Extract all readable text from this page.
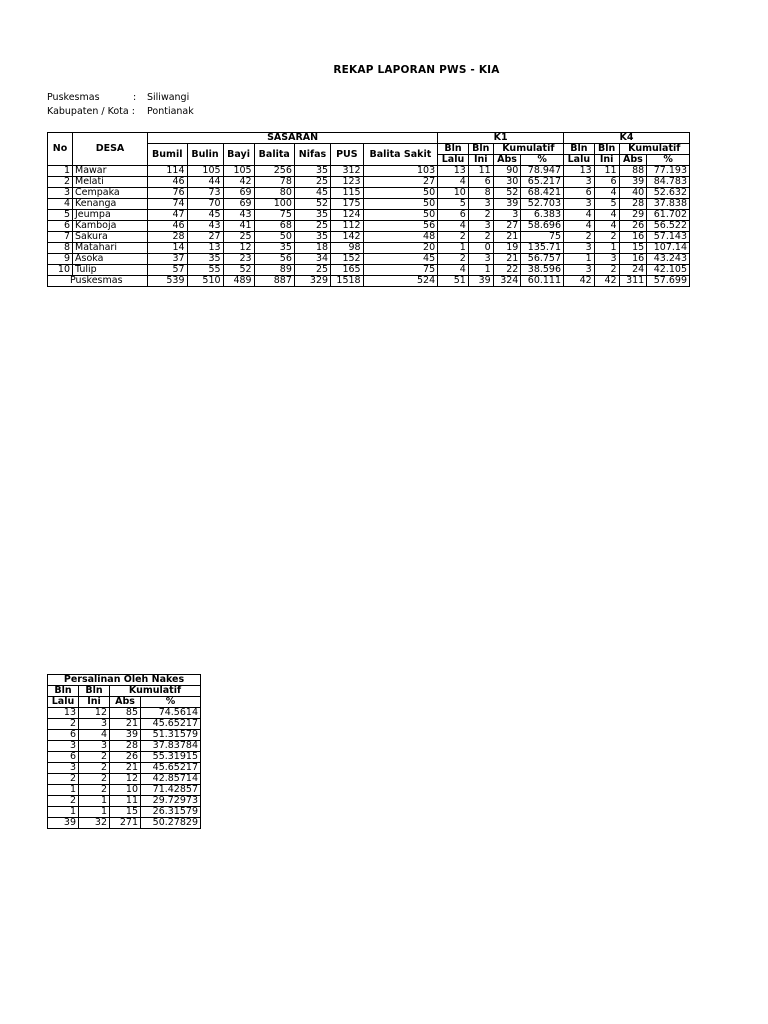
REKAP LAPORAN PWS - KIA
Puskesmas	: Siliwangi
Kabupaten / Kota : Pontianak
No	DESA	SASARAN							K1				K4			
		Bumil	Bulin	Bayi	Balita	Nifas	PUS	Balita Sakit	Bln	Bln	Kumulatif		Bln	Bln	Kumulatif	
									Lalu	Ini	Abs	%	Lalu	Ini	Abs	%
1	Mawar	114	105	105	256	35	312	103	13	11	90	78.947	13	11	88	77.193
2	Melati	46	44	42	78	25	123	27	4	6	30	65.217	3	6	39	84.783
3	Cempaka	76	73	69	80	45	115	50	10	8	52	68.421	6	4	40	52.632
4	Kenanga	74	70	69	100	52	175	50	5	3	39	52.703	3	5	28	37.838
5	Jeumpa	47	45	43	75	35	124	50	6	2	3	6.383	4	4	29	61.702
6	Kamboja	46	43	41	68	25	112	56	4	3	27	58.696	4	4	26	56.522
7	Sakura	28	27	25	50	35	142	48	2	2	21	75	2	2	16	57.143
8	Matahari	14	13	12	35	18	98	20	1	0	19	135.71	3	1	15	107.14
9	Asoka	37	35	23	56	34	152	45	2	3	21	56.757	1	3	16	43.243
10	Tulip	57	55	52	89	25	165	75	4	1	22	38.596	3	2	24	42.105
Puskesmas		539	510	489	887	329	1518	524	51	39	324	60.111	42	42	311	57.699
Persalinan Oleh Nakes			
Bln	Bln	Kumulatif	
Lalu	Ini	Abs	%
13	12	85	74.5614
2	3	21	45.65217
6	4	39	51.31579
3	3	28	37.83784
6	2	26	55.31915
3	2	21	45.65217
2	2	12	42.85714
1	2	10	71.42857
2	1	11	29.72973
1	1	15	26.31579
39	32	271	50.27829
